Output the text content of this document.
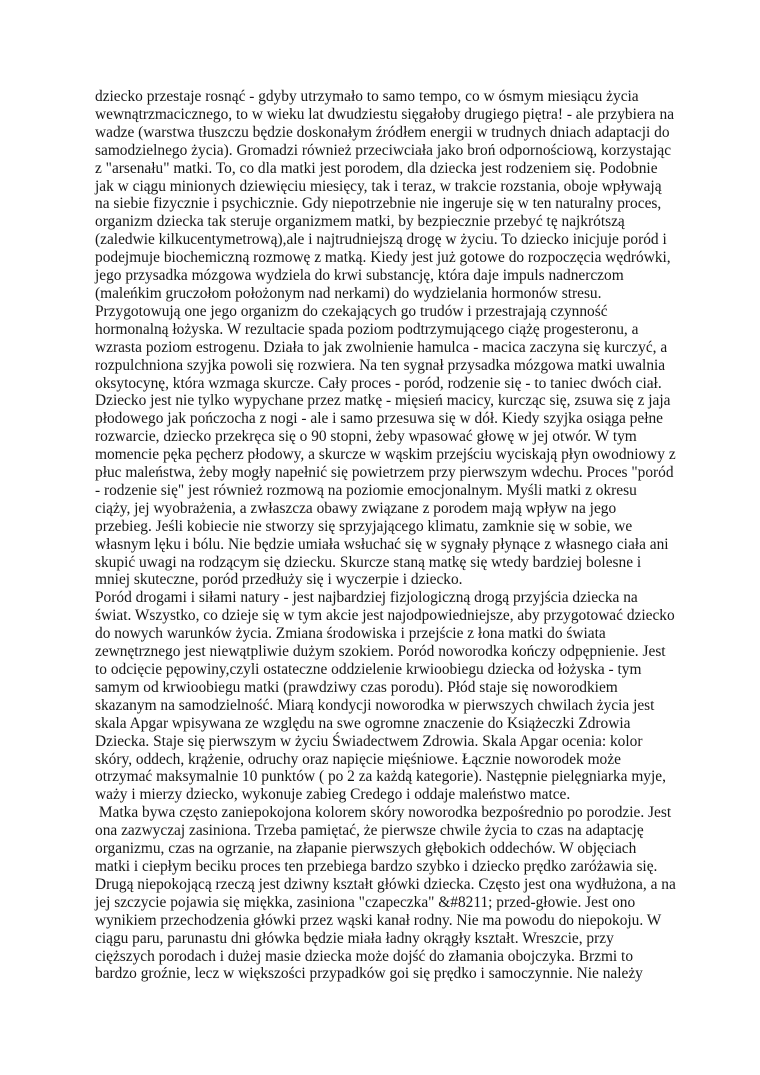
dziecko przestaje rosnąć - gdyby utrzymało to samo tempo, co w ósmym miesiącu życia
wewnątrzmacicznego, to w wieku lat dwudziestu sięgałoby drugiego piętra! - ale przybiera na
wadze (warstwa tłuszczu będzie doskonałym źródłem energii w trudnych dniach adaptacji do
samodzielnego życia). Gromadzi również przeciwciała jako broń odpornościową, korzystając
z "arsenału" matki. To, co dla matki jest porodem, dla dziecka jest rodzeniem się. Podobnie
jak w ciągu minionych dziewięciu miesięcy, tak i teraz, w trakcie rozstania, oboje wpływają
na siebie fizycznie i psychicznie. Gdy niepotrzebnie nie ingeruje się w ten naturalny proces,
organizm dziecka tak steruje organizmem matki, by bezpiecznie przebyć tę najkrótszą
(zaledwie kilkucentymetrową),ale i najtrudniejszą drogę w życiu. To dziecko inicjuje poród i
podejmuje biochemiczną rozmowę z matką. Kiedy jest już gotowe do rozpoczęcia wędrówki,
jego przysadka mózgowa wydziela do krwi substancję, która daje impuls nadnerczom
(maleńkim gruczołom położonym nad nerkami) do wydzielania hormonów stresu.
Przygotowują one jego organizm do czekających go trudów i przestrajają czynność
hormonalną łożyska. W rezultacie spada poziom podtrzymującego ciążę progesteronu, a
wzrasta poziom estrogenu. Działa to jak zwolnienie hamulca - macica zaczyna się kurczyć, a
rozpulchniona szyjka powoli się rozwiera. Na ten sygnał przysadka mózgowa matki uwalnia
oksytocynę, która wzmaga skurcze. Cały proces - poród, rodzenie się - to taniec dwóch ciał.
Dziecko jest nie tylko wypychane przez matkę - mięsień macicy, kurcząc się, zsuwa się z jaja
płodowego jak pończocha z nogi - ale i samo przesuwa się w dół. Kiedy szyjka osiąga pełne
rozwarcie, dziecko przekręca się o 90 stopni, żeby wpasować głowę w jej otwór. W tym
momencie pęka pęcherz płodowy, a skurcze w wąskim przejściu wyciskają płyn owodniowy z
płuc maleństwa, żeby mogły napełnić się powietrzem przy pierwszym wdechu. Proces "poród
- rodzenie się" jest również rozmową na poziomie emocjonalnym. Myśli matki z okresu
ciąży, jej wyobrażenia, a zwłaszcza obawy związane z porodem mają wpływ na jego
przebieg. Jeśli kobiecie nie stworzy się sprzyjającego klimatu, zamknie się w sobie, we
własnym lęku i bólu. Nie będzie umiała wsłuchać się w sygnały płynące z własnego ciała ani
skupić uwagi na rodzącym się dziecku. Skurcze staną matkę się wtedy bardziej bolesne i
mniej skuteczne, poród przedłuży się i wyczerpie i dziecko.
Poród drogami i siłami natury - jest najbardziej fizjologiczną drogą przyjścia dziecka na
świat. Wszystko, co dzieje się w tym akcie jest najodpowiedniejsze, aby przygotować dziecko
do nowych warunków życia. Zmiana środowiska i przejście z łona matki do świata
zewnętrznego jest niewątpliwie dużym szokiem. Poród noworodka kończy odpępnienie. Jest
to odcięcie pępowiny,czyli ostateczne oddzielenie krwioobiegu dziecka od łożyska - tym
samym od krwioobiegu matki (prawdziwy czas porodu). Płód staje się noworodkiem
skazanym na samodzielność. Miarą kondycji noworodka w pierwszych chwilach życia jest
skala Apgar wpisywana ze względu na swe ogromne znaczenie do Książeczki Zdrowia
Dziecka. Staje się pierwszym w życiu Świadectwem Zdrowia. Skala Apgar ocenia: kolor
skóry, oddech, krążenie, odruchy oraz napięcie mięśniowe. Łącznie noworodek może
otrzymać maksymalnie 10 punktów ( po 2 za każdą kategorie). Następnie pielęgniarka myje,
waży i mierzy dziecko, wykonuje zabieg Credego i oddaje maleństwo matce.
Matka bywa często zaniepokojona kolorem skóry noworodka bezpośrednio po porodzie. Jest
ona zazwyczaj zasiniona. Trzeba pamiętać, że pierwsze chwile życia to czas na adaptację
organizmu, czas na ogrzanie, na złapanie pierwszych głębokich oddechów. W objęciach
matki i ciepłym beciku proces ten przebiega bardzo szybko i dziecko prędko zaróżawia się.
Drugą niepokojącą rzeczą jest dziwny kształt główki dziecka. Często jest ona wydłużona, a na
jej szczycie pojawia się miękka, zasiniona "czapeczka" &#8211; przed-głowie. Jest ono
wynikiem przechodzenia główki przez wąski kanał rodny. Nie ma powodu do niepokoju. W
ciągu paru, parunastu dni główka będzie miała ładny okrągły kształt. Wreszcie, przy
cięższych porodach i dużej masie dziecka może dojść do złamania obojczyka. Brzmi to
bardzo groźnie, lecz w większości przypadków goi się prędko i samoczynnie. Nie należy
